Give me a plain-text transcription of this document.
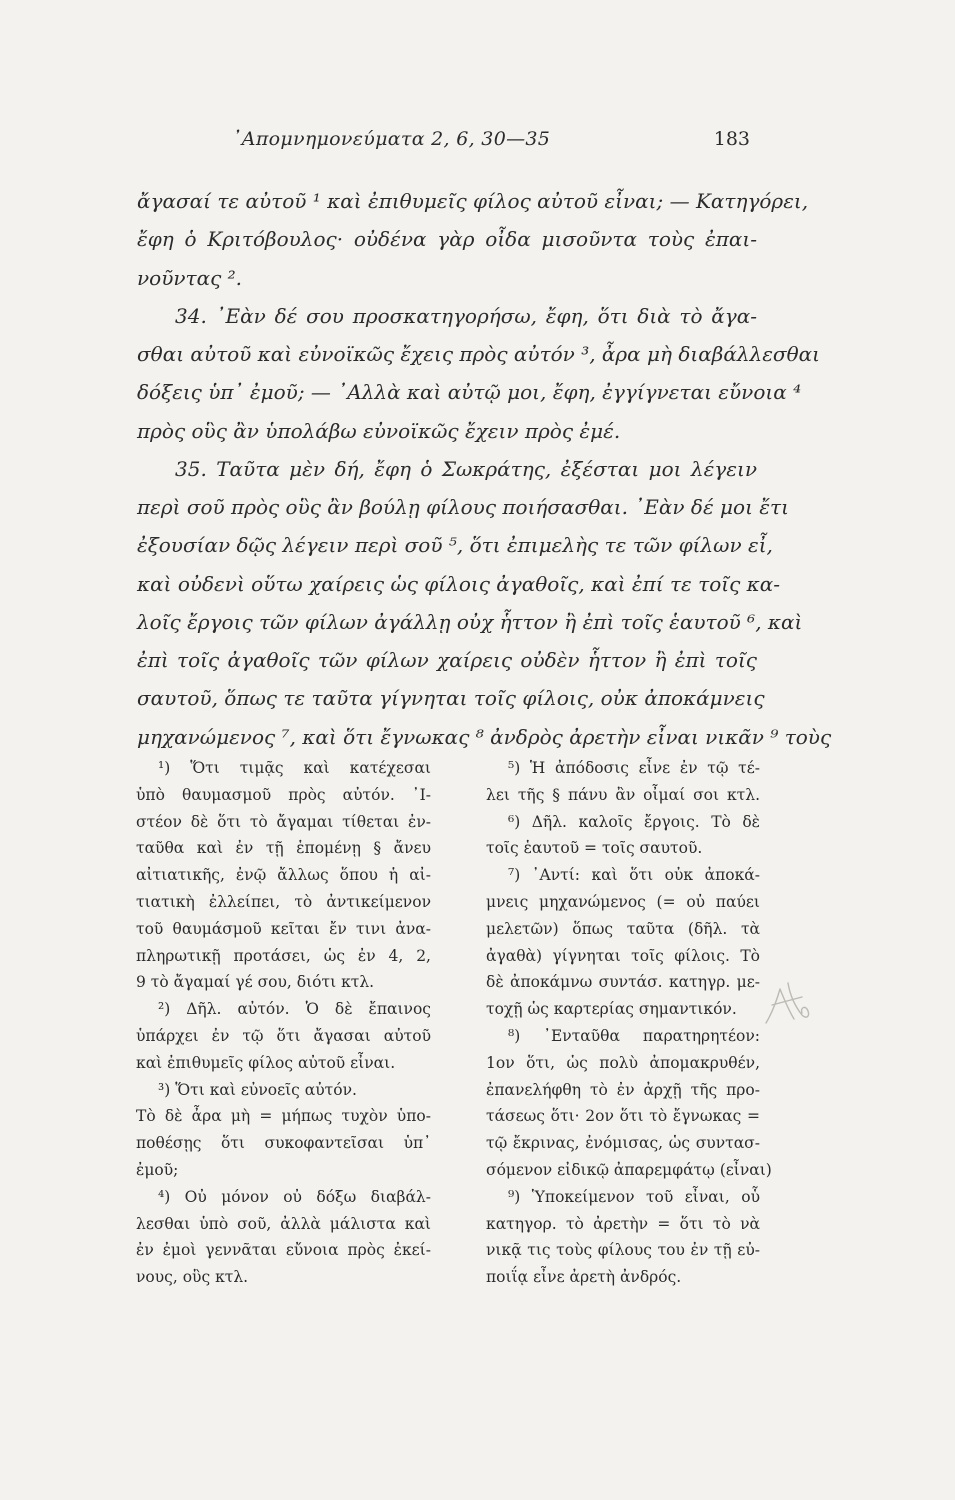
᾿Απομνημονεύματα 2, 6, 30—35	183
ἄγασαί τε αὐτοῦ ¹ καὶ ἐπιθυμεῖς φίλος αὐτοῦ εἶναι; — Κατηγόρει,
ἔφη ὁ Κριτόβουλος· οὐδένα γὰρ οἶδα μισοῦντα τοὺς ἐπαι-
νοῦντας ².
34. ᾿Εὰν δέ σου προσκατηγορήσω, ἔφη, ὅτι διὰ τὸ ἄγα-
σθαι αὐτοῦ καὶ εὐνοϊκῶς ἔχεις πρὸς αὐτόν ³, ἆρα μὴ διαβάλλεσθαι
δόξεις ὑπ᾿ ἐμοῦ; — ᾿Αλλὰ καὶ αὐτῷ μοι, ἔφη, ἐγγίγνεται εὔνοια ⁴
πρὸς οὓς ἂν ὑπολάβω εὐνοϊκῶς ἔχειν πρὸς ἐμέ.
35. Ταῦτα μὲν δή, ἔφη ὁ Σωκράτης, ἐξέσται μοι λέγειν
περὶ σοῦ πρὸς οὓς ἂν βούλῃ φίλους ποιήσασθαι. ᾿Εὰν δέ μοι ἔτι
ἐξουσίαν δῷς λέγειν περὶ σοῦ ⁵, ὅτι ἐπιμελὴς τε τῶν φίλων εἶ,
καὶ οὐδενὶ οὕτω χαίρεις ὡς φίλοις ἀγαθοῖς, καὶ ἐπί τε τοῖς κα-
λοῖς ἔργοις τῶν φίλων ἀγάλλῃ οὐχ ἧττον ἢ ἐπὶ τοῖς ἑαυτοῦ ⁶, καὶ
ἐπὶ τοῖς ἀγαθοῖς τῶν φίλων χαίρεις οὐδὲν ἧττον ἢ ἐπὶ τοῖς
σαυτοῦ, ὅπως τε ταῦτα γίγνηται τοῖς φίλοις, οὐκ ἀποκάμνεις
μηχανώμενος ⁷, καὶ ὅτι ἔγνωκας ⁸ ἀνδρὸς ἀρετὴν εἶναι νικᾶν ⁹ τοὺς
¹) Ὅτι τιμᾷς καὶ κατέχεσαι
ὑπὸ θαυμασμοῦ πρὸς αὐτόν. ᾿Ι-
στέον δὲ ὅτι τὸ ἄγαμαι τίθεται ἐν-
ταῦθα καὶ ἐν τῇ ἑπομένῃ § ἄνευ
αἰτιατικῆς, ἐνῷ ἄλλως ὅπου ἡ αἰ-
τιατικὴ ἐλλείπει, τὸ ἀντικείμενον
τοῦ θαυμάσμοῦ κεῖται ἔν τινι ἀνα-
πληρωτικῇ προτάσει, ὡς ἐν 4, 2,
9 τὸ ἄγαμαί γέ σου, διότι κτλ.
²) Δῆλ. αὐτόν. Ὁ δὲ ἔπαινος
ὑπάρχει ἐν τῷ ὅτι ἄγασαι αὐτοῦ
καὶ ἐπιθυμεῖς φίλος αὐτοῦ εἶναι.
³) Ὅτι καὶ εὐνοεῖς αὐτόν.
Τὸ δὲ ἆρα μὴ = μήπως τυχὸν ὑπο-
ποθέσῃς ὅτι συκοφαντεῖσαι ὑπ᾿
ἐμοῦ;
⁴) Οὐ μόνον οὐ δόξω διαβάλ-
λεσθαι ὑπὸ σοῦ, ἀλλὰ μάλιστα καὶ
ἐν ἐμοὶ γεννᾶται εὔνοια πρὸς ἐκεί-
νους, οὓς κτλ.
⁵) Ἡ ἀπόδοσις εἶνε ἐν τῷ τέ-
λει τῆς § πάνυ ἂν οἶμαί σοι κτλ.
⁶) Δῆλ. καλοῖς ἔργοις. Τὸ δὲ
τοῖς ἑαυτοῦ = τοῖς σαυτοῦ.
⁷) ᾿Αντί: καὶ ὅτι οὐκ ἀποκά-
μνεις μηχανώμενος (= οὐ παύει
μελετῶν) ὅπως ταῦτα (δῆλ. τὰ
ἀγαθὰ) γίγνηται τοῖς φίλοις. Τὸ
δὲ ἀποκάμνω συντάσ. κατηγρ. με-
τοχῇ ὡς καρτερίας σημαντικόν.
⁸) ᾿Ενταῦθα παρατηρητέον:
1ον ὅτι, ὡς πολὺ ἀπομακρυθέν,
ἐπανελήφθη τὸ ἐν ἀρχῇ τῆς προ-
τάσεως ὅτι· 2ον ὅτι τὸ ἔγνωκας =
τῷ ἔκρινας, ἐνόμισας, ὡς συντασ-
σόμενον εἰδικῷ ἀπαρεμφάτῳ (εἶναι)
⁹) Ὑποκείμενον τοῦ εἶναι, οὗ
κατηγορ. τὸ ἀρετὴν = ὅτι τὸ νὰ
νικᾷ τις τοὺς φίλους του ἐν τῇ εὐ-
ποιΐᾳ εἶνε ἀρετὴ ἀνδρός.
